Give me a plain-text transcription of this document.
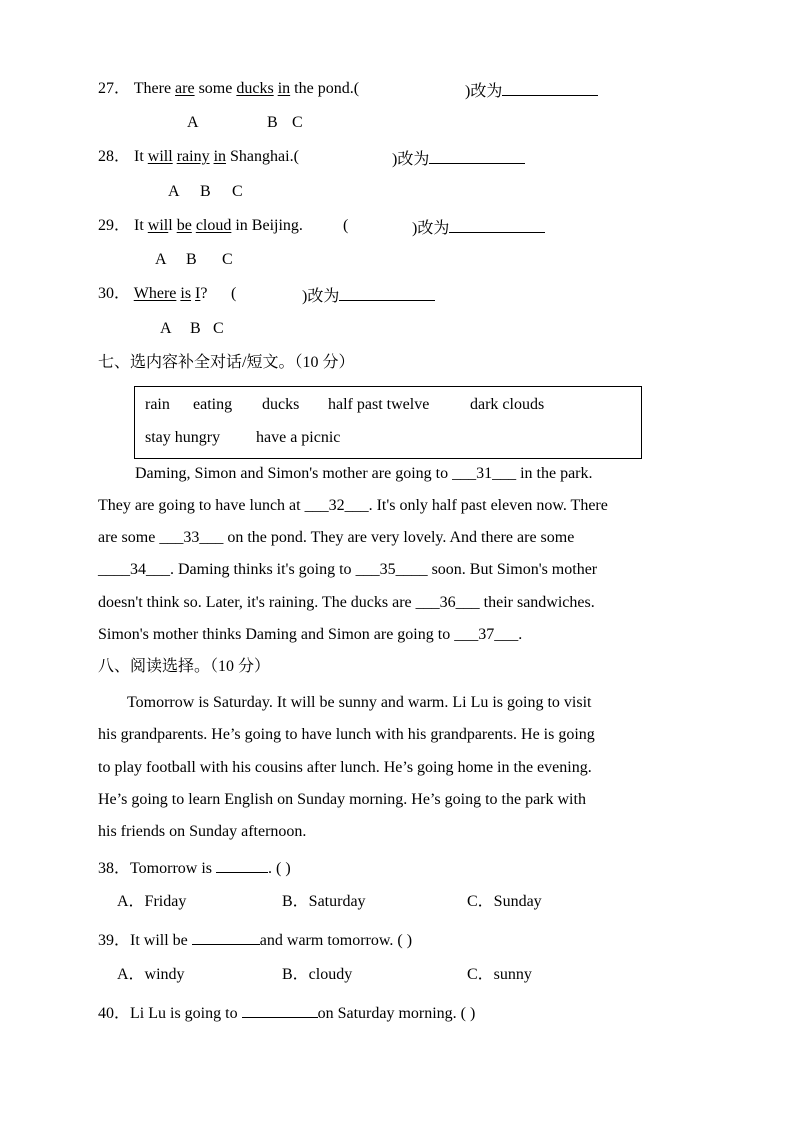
27． There are some ducks in the pond.(	)改为
A	B C
28． It will rainy in Shanghai.(	)改为
A B C
29． It will be cloud in Beijing.	(	)改为
A B C
30． Where is I? (	)改为
A B C
七、选内容补全对话/短文。（10 分）
rain eating ducks half past twelve	dark clouds
stay hungry have a picnic
Daming, Simon and Simon's mother are going to ___31___ in the park.
They are going to have lunch at ___32___. It's only half past eleven now. There
are some ___33___ on the pond. They are very lovely. And there are some
____34___. Daming thinks it's going to ___35____ soon. But Simon's mother
doesn't think so. Later, it's raining. The ducks are ___36___ their sandwiches.
Simon's mother thinks Daming and Simon are going to ___37___.
八、阅读选择。（10 分）
Tomorrow is Saturday. It will be sunny and warm. Li Lu is going to visit
his grandparents. He’s going to have lunch with his grandparents. He is going
to play football with his cousins after lunch. He’s going home in the evening.
He’s going to learn English on Sunday morning. He’s going to the park with
his friends on Sunday afternoon.
38．Tomorrow is	. ( )
A．Friday	B．Saturday	C．Sunday
39．It will be	and warm tomorrow. ( )
A．windy	B．cloudy	C．sunny
40．Li Lu is going to	on Saturday morning. ( )
